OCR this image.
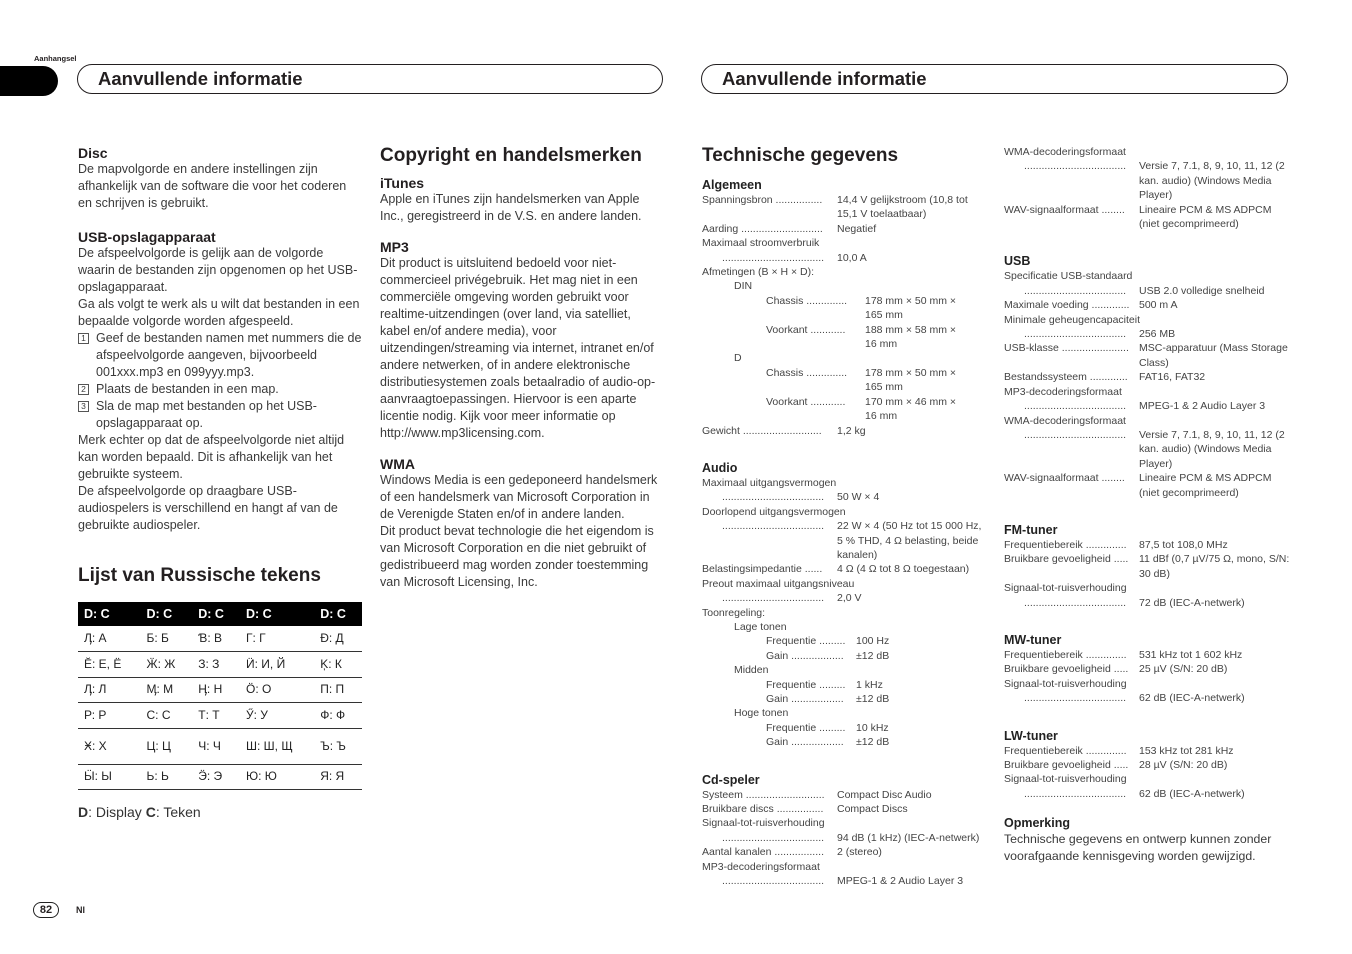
Aanhangsel
Aanvullende informatie	Aanvullende informatie
Disc
De mapvolgorde en andere instellingen zijn afhankelijk van de software die voor het coderen en schrijven is gebruikt.
USB-opslagapparaat
De afspeelvolgorde is gelijk aan de volgorde waarin de bestanden zijn opgenomen op het USB-opslagapparaat.
Ga als volgt te werk als u wilt dat bestanden in een bepaalde volgorde worden afgespeeld.
1 Geef de bestanden namen met nummers die de afspeelvolgorde aangeven, bijvoorbeeld 001xxx.mp3 en 099yyy.mp3.
2 Plaats de bestanden in een map.
3 Sla de map met bestanden op het USB-opslagapparaat op.
Merk echter op dat de afspeelvolgorde niet altijd kan worden bepaald. Dit is afhankelijk van het gebruikte systeem.
De afspeelvolgorde op draagbare USB-audiospelers is verschillend en hangt af van de gebruikte audiospeler.
Lijst van Russische tekens
D: C	D: C	D: C	D: C	D: C
Ӆ: А	Б: Б	Ɓ: В	Г: Г	Ɖ: Д
Ĕ: Е, Ё	Ӝ: Ж	З: З	Ӥ: И, Й	Ķ: К
Ӆ: Л	Ӎ: М	Ӊ: Н	Ӧ: О	П: П
Р: Р	С: С	Т: Т	Ӳ: У	Ф: Ф
Ӿ: Х	Ц: Ц	Ч: Ч	Ш: Ш, Щ	Ъ: Ъ
Ӹ: Ы	Ь: Ь	Ӭ: Э	Ю: Ю	Я: Я
D: Display C: Teken
Copyright en handelsmerken
iTunes
Apple en iTunes zijn handelsmerken van Apple Inc., geregistreerd in de V.S. en andere landen.
MP3
Dit product is uitsluitend bedoeld voor niet-commercieel privégebruik. Het mag niet in een commerciële omgeving worden gebruikt voor realtime-uitzendingen (over land, via satelliet, kabel en/of andere media), voor uitzendingen/streaming via internet, intranet en/of andere netwerken, of in andere elektronische distributiesystemen zoals betaalradio of audio-op-aanvraagtoepassingen. Hiervoor is een aparte licentie nodig. Kijk voor meer informatie op http://www.mp3licensing.com.
WMA
Windows Media is een gedeponeerd handelsmerk of een handelsmerk van Microsoft Corporation in de Verenigde Staten en/of in andere landen.
Dit product bevat technologie die het eigendom is van Microsoft Corporation en die niet gebruikt of gedistribueerd mag worden zonder toestemming van Microsoft Licensing, Inc.
Technische gegevens
Algemeen
Spanningsbron ................	14,4 V gelijkstroom (10,8 tot 15,1 V toelaatbaar)
Aarding ............................	Negatief
Maximaal stroomverbruik
...................................	10,0 A
Afmetingen (B × H × D):
DIN
Chassis ..............	178 mm × 50 mm × 165 mm
Voorkant ............	188 mm × 58 mm × 16 mm
D
Chassis ..............	178 mm × 50 mm × 165 mm
Voorkant ............	170 mm × 46 mm × 16 mm
Gewicht ...........................	1,2 kg
Audio
Maximaal uitgangsvermogen
...................................	50 W × 4
Doorlopend uitgangsvermogen
...................................	22 W × 4 (50 Hz tot 15 000 Hz, 5 % THD, 4 Ω belasting, beide kanalen)
Belastingsimpedantie ......	4 Ω (4 Ω tot 8 Ω toegestaan)
Preout maximaal uitgangsniveau
...................................	2,0 V
Toonregeling:
Lage tonen
Frequentie .........	100 Hz
Gain ..................	±12 dB
Midden
Frequentie .........	1 kHz
Gain ..................	±12 dB
Hoge tonen
Frequentie .........	10 kHz
Gain ..................	±12 dB
Cd-speler
Systeem ...........................	Compact Disc Audio
Bruikbare discs ................	Compact Discs
Signaal-tot-ruisverhouding
...................................	94 dB (1 kHz) (IEC-A-netwerk)
Aantal kanalen .................	2 (stereo)
MP3-decoderingsformaat
...................................	MPEG-1 & 2 Audio Layer 3
WMA-decoderingsformaat
...................................	Versie 7, 7.1, 8, 9, 10, 11, 12 (2 kan. audio) (Windows Media Player)
WAV-signaalformaat ........	Lineaire PCM & MS ADPCM (niet gecomprimeerd)
USB
Specificatie USB-standaard
...................................	USB 2.0 volledige snelheid
Maximale voeding ............. 500 m A
Minimale geheugencapaciteit
...................................	256 MB
USB-klasse ....................... MSC-apparatuur (Mass Storage Class)
Bestandssysteem .............	FAT16, FAT32
MP3-decoderingsformaat
...................................	MPEG-1 & 2 Audio Layer 3
WMA-decoderingsformaat
...................................	Versie 7, 7.1, 8, 9, 10, 11, 12 (2 kan. audio) (Windows Media Player)
WAV-signaalformaat ........	Lineaire PCM & MS ADPCM (niet gecomprimeerd)
FM-tuner
Frequentiebereik ..............	87,5 tot 108,0 MHz
Bruikbare gevoeligheid .....	11 dBf (0,7 µV/75 Ω, mono, S/N: 30 dB)
Signaal-tot-ruisverhouding
...................................	72 dB (IEC-A-netwerk)
MW-tuner
Frequentiebereik ..............	531 kHz tot 1 602 kHz
Bruikbare gevoeligheid .....	25 µV (S/N: 20 dB)
Signaal-tot-ruisverhouding
...................................	62 dB (IEC-A-netwerk)
LW-tuner
Frequentiebereik ..............	153 kHz tot 281 kHz
Bruikbare gevoeligheid .....	28 µV (S/N: 20 dB)
Signaal-tot-ruisverhouding
...................................	62 dB (IEC-A-netwerk)
Opmerking
Technische gegevens en ontwerp kunnen zonder voorafgaande kennisgeving worden gewijzigd.
82	Nl
